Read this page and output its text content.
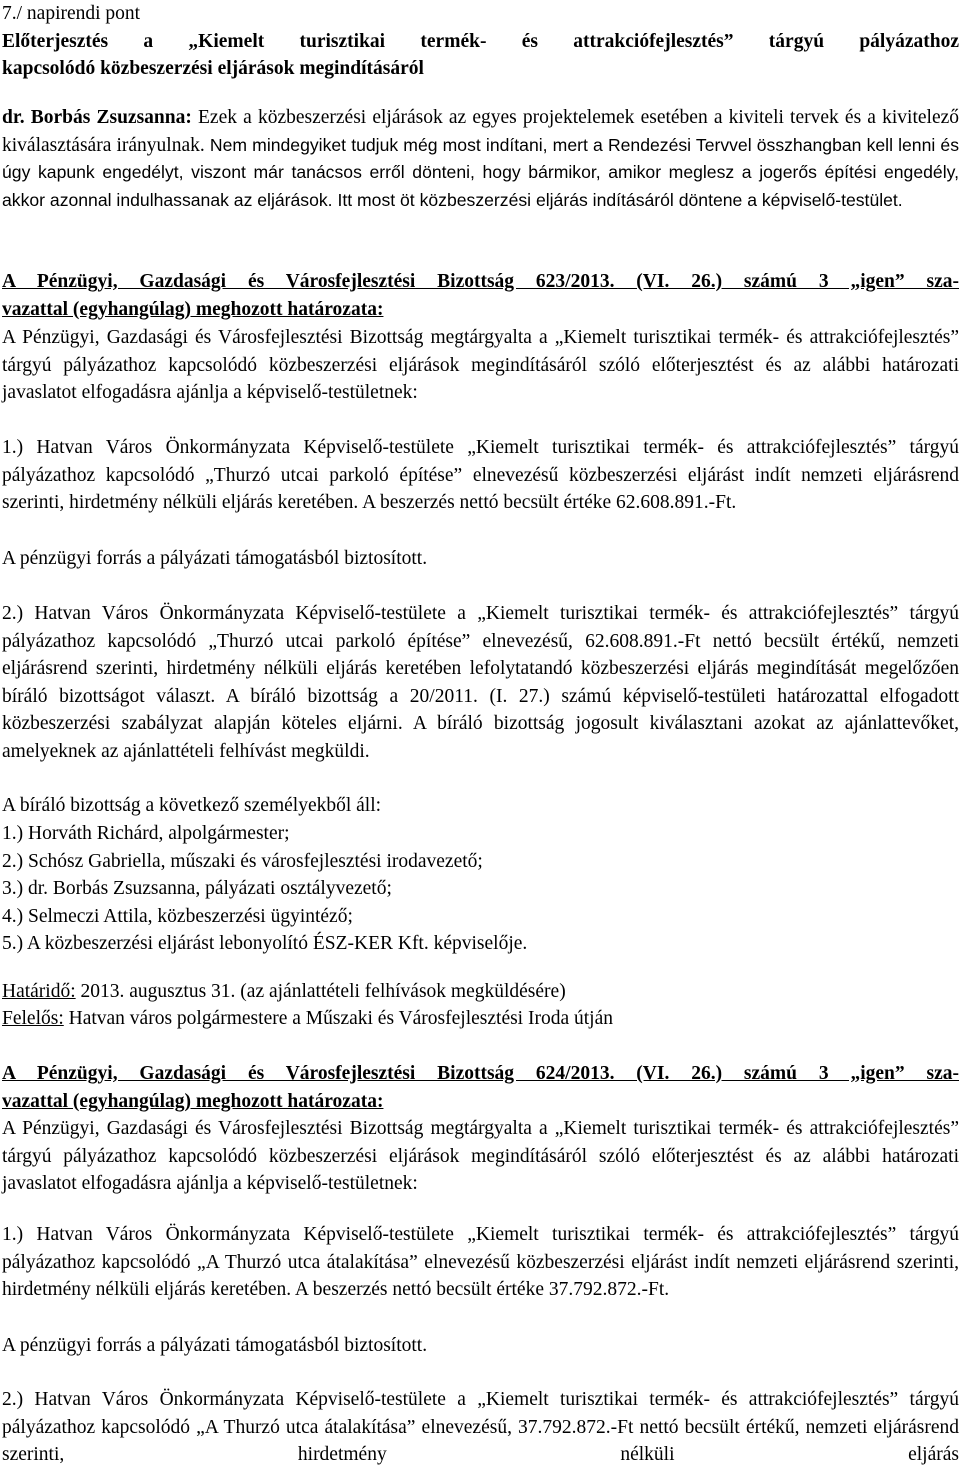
7./ napirendi pont
Előterjesztés a „Kiemelt turisztikai termék- és attrakciófejlesztés” tárgyú pályázathoz
kapcsolódó közbeszerzési eljárások megindításáról

dr. Borbás Zsuzsanna: Ezek a közbeszerzési eljárások az egyes projektelemek esetében a kiviteli tervek és a kivitelező kiválasztására irányulnak. Nem mindegyiket tudjuk még most indítani, mert a Rendezési Tervvel összhangban kell lenni és úgy kapunk engedélyt, viszont már tanácsos erről dönteni, hogy bármikor, amikor meglesz a jogerős építési engedély, akkor azonnal indulhassanak az eljárások. Itt most öt közbeszerzési eljárás indításáról döntene a képviselő-testület.

A Pénzügyi, Gazdasági és Városfejlesztési Bizottság 623/2013. (VI. 26.) számú 3 „igen” sza-
vazattal (egyhangúlag) meghozott határozata:

A Pénzügyi, Gazdasági és Városfejlesztési Bizottság megtárgyalta a „Kiemelt turisztikai termék- és attrakciófejlesztés” tárgyú pályázathoz kapcsolódó közbeszerzési eljárások megindításáról szóló előterjesztést és az alábbi határozati javaslatot elfogadásra ajánlja a képviselő-testületnek:

1.) Hatvan Város Önkormányzata Képviselő-testülete „Kiemelt turisztikai termék- és attrakciófejlesztés” tárgyú pályázathoz kapcsolódó „Thurzó utcai parkoló építése” elnevezésű közbeszerzési eljárást indít nemzeti eljárásrend szerinti, hirdetmény nélküli eljárás keretében. A beszerzés nettó becsült értéke 62.608.891.-Ft.

A pénzügyi forrás a pályázati támogatásból biztosított.

2.) Hatvan Város Önkormányzata Képviselő-testülete a „Kiemelt turisztikai termék- és attrakciófejlesztés” tárgyú pályázathoz kapcsolódó „Thurzó utcai parkoló építése” elnevezésű, 62.608.891.-Ft nettó becsült értékű, nemzeti eljárásrend szerinti, hirdetmény nélküli eljárás keretében lefolytatandó közbeszerzési eljárás megindítását megelőzően bíráló bizottságot választ. A bíráló bizottság a 20/2011. (I. 27.) számú képviselő-testületi határozattal elfogadott közbeszerzési szabályzat alapján köteles eljárni. A bíráló bizottság jogosult kiválasztani azokat az ajánlattevőket, amelyeknek az ajánlattételi felhívást megküldi.

A bíráló bizottság a következő személyekből áll:

1.) Horváth Richárd, alpolgármester;
2.) Schósz Gabriella, műszaki és városfejlesztési irodavezető;
3.) dr. Borbás Zsuzsanna, pályázati osztályvezető;
4.) Selmeczi Attila, közbeszerzési ügyintéző;
5.) A közbeszerzési eljárást lebonyolító ÉSZ-KER Kft. képviselője.
Határidő: 2013. augusztus 31. (az ajánlattételi felhívások megküldésére)
Felelős: Hatvan város polgármestere a Műszaki és Városfejlesztési Iroda útján
A Pénzügyi, Gazdasági és Városfejlesztési Bizottság 624/2013. (VI. 26.) számú 3 „igen” sza-
vazattal (egyhangúlag) meghozott határozata:

A Pénzügyi, Gazdasági és Városfejlesztési Bizottság megtárgyalta a „Kiemelt turisztikai termék- és attrakciófejlesztés” tárgyú pályázathoz kapcsolódó közbeszerzési eljárások megindításáról szóló előterjesztést és az alábbi határozati javaslatot elfogadásra ajánlja a képviselő-testületnek:

1.) Hatvan Város Önkormányzata Képviselő-testülete „Kiemelt turisztikai termék- és attrakciófejlesztés” tárgyú pályázathoz kapcsolódó „A Thurzó utca átalakítása” elnevezésű közbeszerzési eljárást indít nemzeti eljárásrend szerinti, hirdetmény nélküli eljárás keretében. A beszerzés nettó becsült értéke 37.792.872.-Ft.

A pénzügyi forrás a pályázati támogatásból biztosított.

2.) Hatvan Város Önkormányzata Képviselő-testülete a „Kiemelt turisztikai termék- és attrakciófejlesztés” tárgyú pályázathoz kapcsolódó „A Thurzó utca átalakítása” elnevezésű, 37.792.872.-Ft nettó becsült értékű, nemzeti eljárásrend szerinti, hirdetmény nélküli eljárás
